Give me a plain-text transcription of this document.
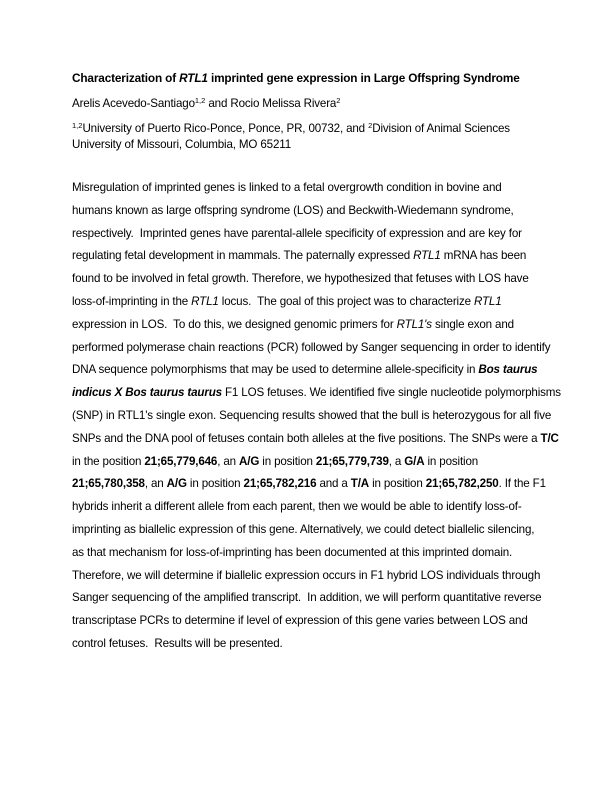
Characterization of RTL1 imprinted gene expression in Large Offspring Syndrome
Arelis Acevedo-Santiago$^{1,2}$ and Rocio Melissa Rivera$^2$
$^{1,2}$University of Puerto Rico-Ponce, Ponce, PR, 00732, and $^2$Division of Animal Sciences
University of Missouri, Columbia, MO 65211
Misregulation of imprinted genes is linked to a fetal overgrowth condition in bovine and
humans known as large offspring syndrome (LOS) and Beckwith-Wiedemann syndrome,
respectively.  Imprinted genes have parental-allele specificity of expression and are key for
regulating fetal development in mammals. The paternally expressed RTL1 mRNA has been
found to be involved in fetal growth. Therefore, we hypothesized that fetuses with LOS have
loss-of-imprinting in the RTL1 locus.  The goal of this project was to characterize RTL1
expression in LOS.  To do this, we designed genomic primers for RTL1's single exon and
performed polymerase chain reactions (PCR) followed by Sanger sequencing in order to identify
DNA sequence polymorphisms that may be used to determine allele-specificity in Bos taurus
indicus X Bos taurus taurus F1 LOS fetuses. We identified five single nucleotide polymorphisms
(SNP) in RTL1's single exon. Sequencing results showed that the bull is heterozygous for all five
SNPs and the DNA pool of fetuses contain both alleles at the five positions. The SNPs were a T/C
in the position 21;65,779,646, an A/G in position 21;65,779,739, a G/A in position
21;65,780,358, an A/G in position 21;65,782,216 and a T/A in position 21;65,782,250. If the F1
hybrids inherit a different allele from each parent, then we would be able to identify loss-of-
imprinting as biallelic expression of this gene. Alternatively, we could detect biallelic silencing,
as that mechanism for loss-of-imprinting has been documented at this imprinted domain.
Therefore, we will determine if biallelic expression occurs in F1 hybrid LOS individuals through
Sanger sequencing of the amplified transcript.  In addition, we will perform quantitative reverse
transcriptase PCRs to determine if level of expression of this gene varies between LOS and
control fetuses.  Results will be presented.
